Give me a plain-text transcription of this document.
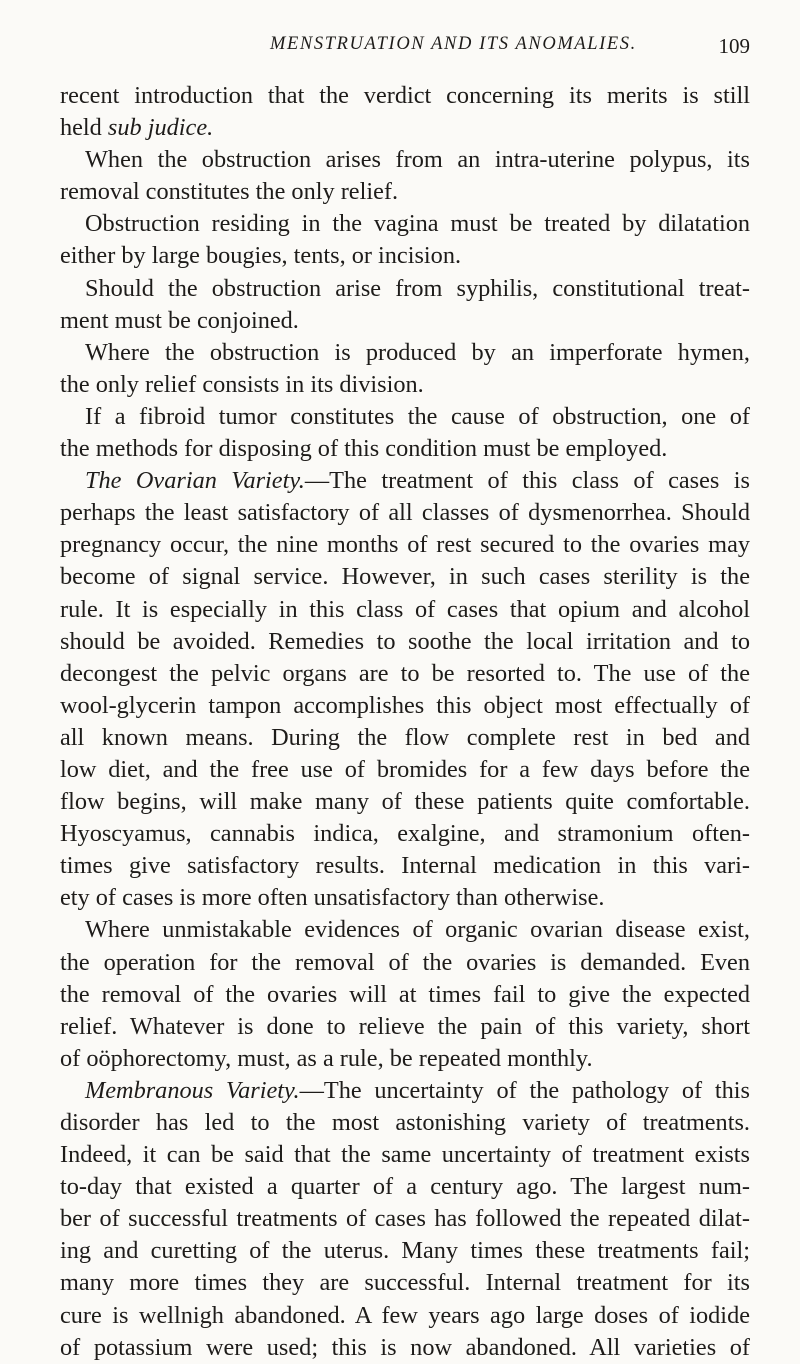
MENSTRUATION AND ITS ANOMALIES.	109
recent introduction that the verdict concerning its merits is still
held sub judice.
When the obstruction arises from an intra-uterine polypus, its
removal constitutes the only relief.
Obstruction residing in the vagina must be treated by dilatation
either by large bougies, tents, or incision.
Should the obstruction arise from syphilis, constitutional treat-
ment must be conjoined.
Where the obstruction is produced by an imperforate hymen,
the only relief consists in its division.
If a fibroid tumor constitutes the cause of obstruction, one of
the methods for disposing of this condition must be employed.
The Ovarian Variety.—The treatment of this class of cases is
perhaps the least satisfactory of all classes of dysmenorrhea. Should
pregnancy occur, the nine months of rest secured to the ovaries may
become of signal service. However, in such cases sterility is the
rule. It is especially in this class of cases that opium and alcohol
should be avoided. Remedies to soothe the local irritation and to
decongest the pelvic organs are to be resorted to. The use of the
wool-glycerin tampon accomplishes this object most effectually of
all known means. During the flow complete rest in bed and
low diet, and the free use of bromides for a few days before the
flow begins, will make many of these patients quite comfortable.
Hyoscyamus, cannabis indica, exalgine, and stramonium often-
times give satisfactory results. Internal medication in this vari-
ety of cases is more often unsatisfactory than otherwise.
Where unmistakable evidences of organic ovarian disease exist,
the operation for the removal of the ovaries is demanded. Even
the removal of the ovaries will at times fail to give the expected
relief. Whatever is done to relieve the pain of this variety, short
of oöphorectomy, must, as a rule, be repeated monthly.
Membranous Variety.—The uncertainty of the pathology of this
disorder has led to the most astonishing variety of treatments.
Indeed, it can be said that the same uncertainty of treatment exists
to-day that existed a quarter of a century ago. The largest num-
ber of successful treatments of cases has followed the repeated dilat-
ing and curetting of the uterus. Many times these treatments fail;
many more times they are successful. Internal treatment for its
cure is wellnigh abandoned. A few years ago large doses of iodide
of potassium were used; this is now abandoned. All varieties of
